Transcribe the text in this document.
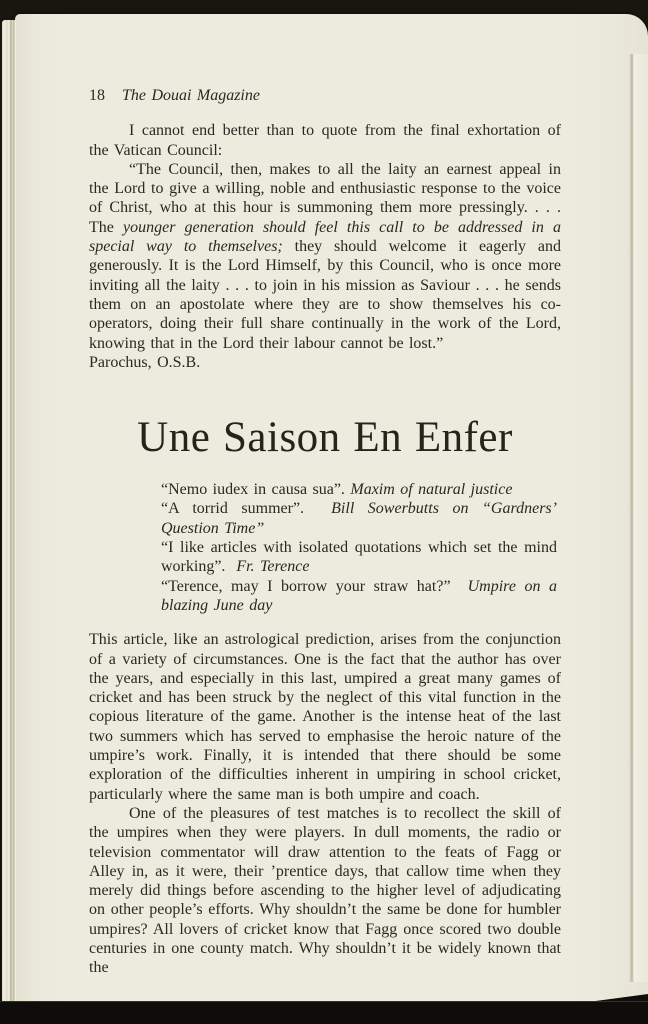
18 The Douai Magazine

I cannot end better than to quote from the final exhortation of the Vatican Council:

“The Council, then, makes to all the laity an earnest appeal in the Lord to give a willing, noble and enthusiastic response to the voice of Christ, who at this hour is summoning them more pressingly. . . . The younger generation should feel this call to be addressed in a special way to themselves; they should welcome it eagerly and generously. It is the Lord Himself, by this Council, who is once more inviting all the laity . . . to join in his mission as Saviour . . . he sends them on an apostolate where they are to show themselves his co-operators, doing their full share continually in the work of the Lord, knowing that in the Lord their labour cannot be lost.”

Parochus, O.S.B.

Une Saison En Enfer

“Nemo iudex in causa sua”. Maxim of natural justice

“A torrid summer”. Bill Sowerbutts on “Gardners’ Question Time”

“I like articles with isolated quotations which set the mind working”. Fr. Terence

“Terence, may I borrow your straw hat?” Umpire on a blazing June day

This article, like an astrological prediction, arises from the conjunction of a variety of circumstances. One is the fact that the author has over the years, and especially in this last, umpired a great many games of cricket and has been struck by the neglect of this vital function in the copious literature of the game. Another is the intense heat of the last two summers which has served to emphasise the heroic nature of the umpire’s work. Finally, it is intended that there should be some exploration of the difficulties inherent in umpiring in school cricket, particularly where the same man is both umpire and coach.

One of the pleasures of test matches is to recollect the skill of the umpires when they were players. In dull moments, the radio or television commentator will draw attention to the feats of Fagg or Alley in, as it were, their ’prentice days, that callow time when they merely did things before ascending to the higher level of adjudicating on other people’s efforts. Why shouldn’t the same be done for humbler umpires? All lovers of cricket know that Fagg once scored two double centuries in one county match. Why shouldn’t it be widely known that the
